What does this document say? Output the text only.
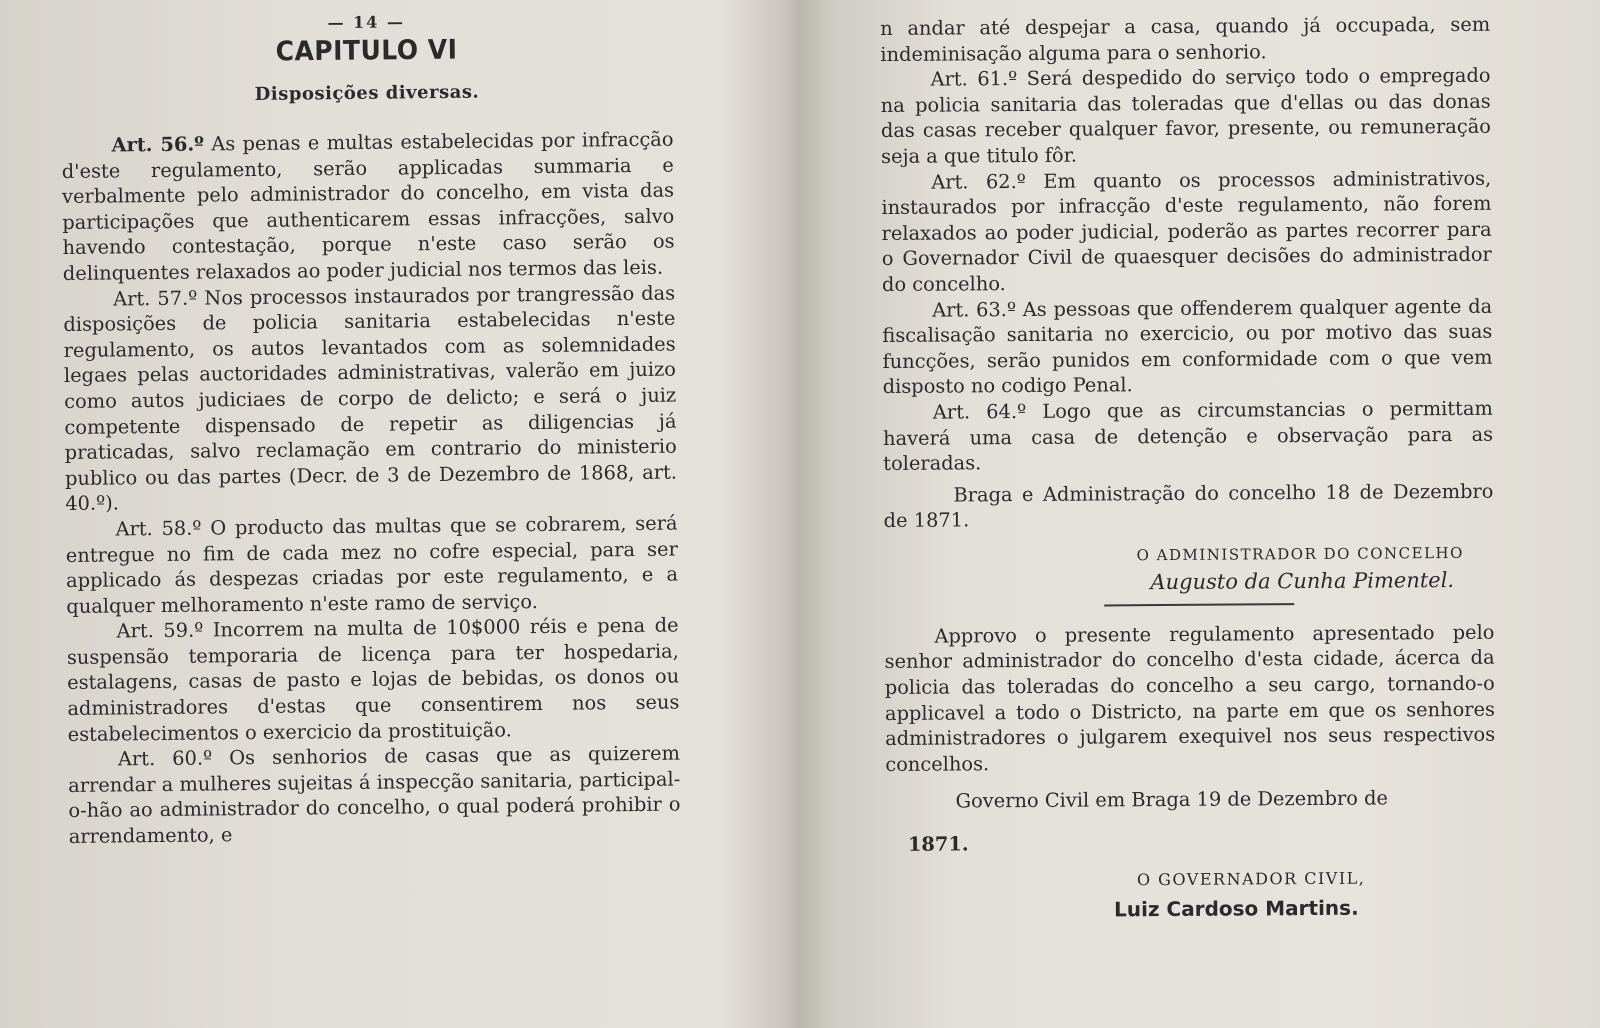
— 14 —
CAPITULO VI
Disposições diversas.

Art. 56.º As penas e multas estabelecidas por infracção d'este regulamento, serão applicadas summaria e verbalmente pelo administrador do concelho, em vista das participações que authenticarem essas infracções, salvo havendo contestação, porque n'este caso serão os delinquentes relaxados ao poder judicial nos termos das leis.

Art. 57.º Nos processos instaurados por trangressão das disposições de policia sanitaria estabelecidas n'este regulamento, os autos levantados com as solemnidades legaes pelas auctoridades administrativas, valerão em juizo como autos judiciaes de corpo de delicto; e será o juiz competente dispensado de repetir as diligencias já praticadas, salvo reclamação em contrario do ministerio publico ou das partes (Decr. de 3 de Dezembro de 1868, art. 40.º).

Art. 58.º O producto das multas que se cobrarem, será entregue no fim de cada mez no cofre especial, para ser applicado ás despezas criadas por este regulamento, e a qualquer melhoramento n'este ramo de serviço.

Art. 59.º Incorrem na multa de 10$000 réis e pena de suspensão temporaria de licença para ter hospedaria, estalagens, casas de pasto e lojas de bebidas, os donos ou administradores d'estas que consentirem nos seus estabelecimentos o exercicio da prostituição.

Art. 60.º Os senhorios de casas que as quizerem arrendar a mulheres sujeitas á inspecção sanitaria, participal-o-hão ao administrador do concelho, o qual poderá prohibir o arrendamento, e

n andar até despejar a casa, quando já occupada, sem indeminisação alguma para o senhorio.

Art. 61.º Será despedido do serviço todo o empregado na policia sanitaria das toleradas que d'ellas ou das donas das casas receber qualquer favor, presente, ou remuneração seja a que titulo fôr.

Art. 62.º Em quanto os processos administrativos, instaurados por infracção d'este regulamento, não forem relaxados ao poder judicial, poderão as partes recorrer para o Governador Civil de quaesquer decisões do administrador do concelho.

Art. 63.º As pessoas que offenderem qualquer agente da fiscalisação sanitaria no exercicio, ou por motivo das suas funcções, serão punidos em conformidade com o que vem disposto no codigo Penal.

Art. 64.º Logo que as circumstancias o permittam haverá uma casa de detenção e observação para as toleradas.

Braga e Administração do concelho 18 de Dezembro de 1871.

O ADMINISTRADOR DO CONCELHO
Augusto da Cunha Pimentel.

Approvo o presente regulamento apresentado pelo senhor administrador do concelho d'esta cidade, ácerca da policia das toleradas do concelho a seu cargo, tornando-o applicavel a todo o Districto, na parte em que os senhores administradores o julgarem exequivel nos seus respectivos concelhos.

Governo Civil em Braga 19 de Dezembro de

1871.
O GOVERNADOR CIVIL,
Luiz Cardoso Martins.
